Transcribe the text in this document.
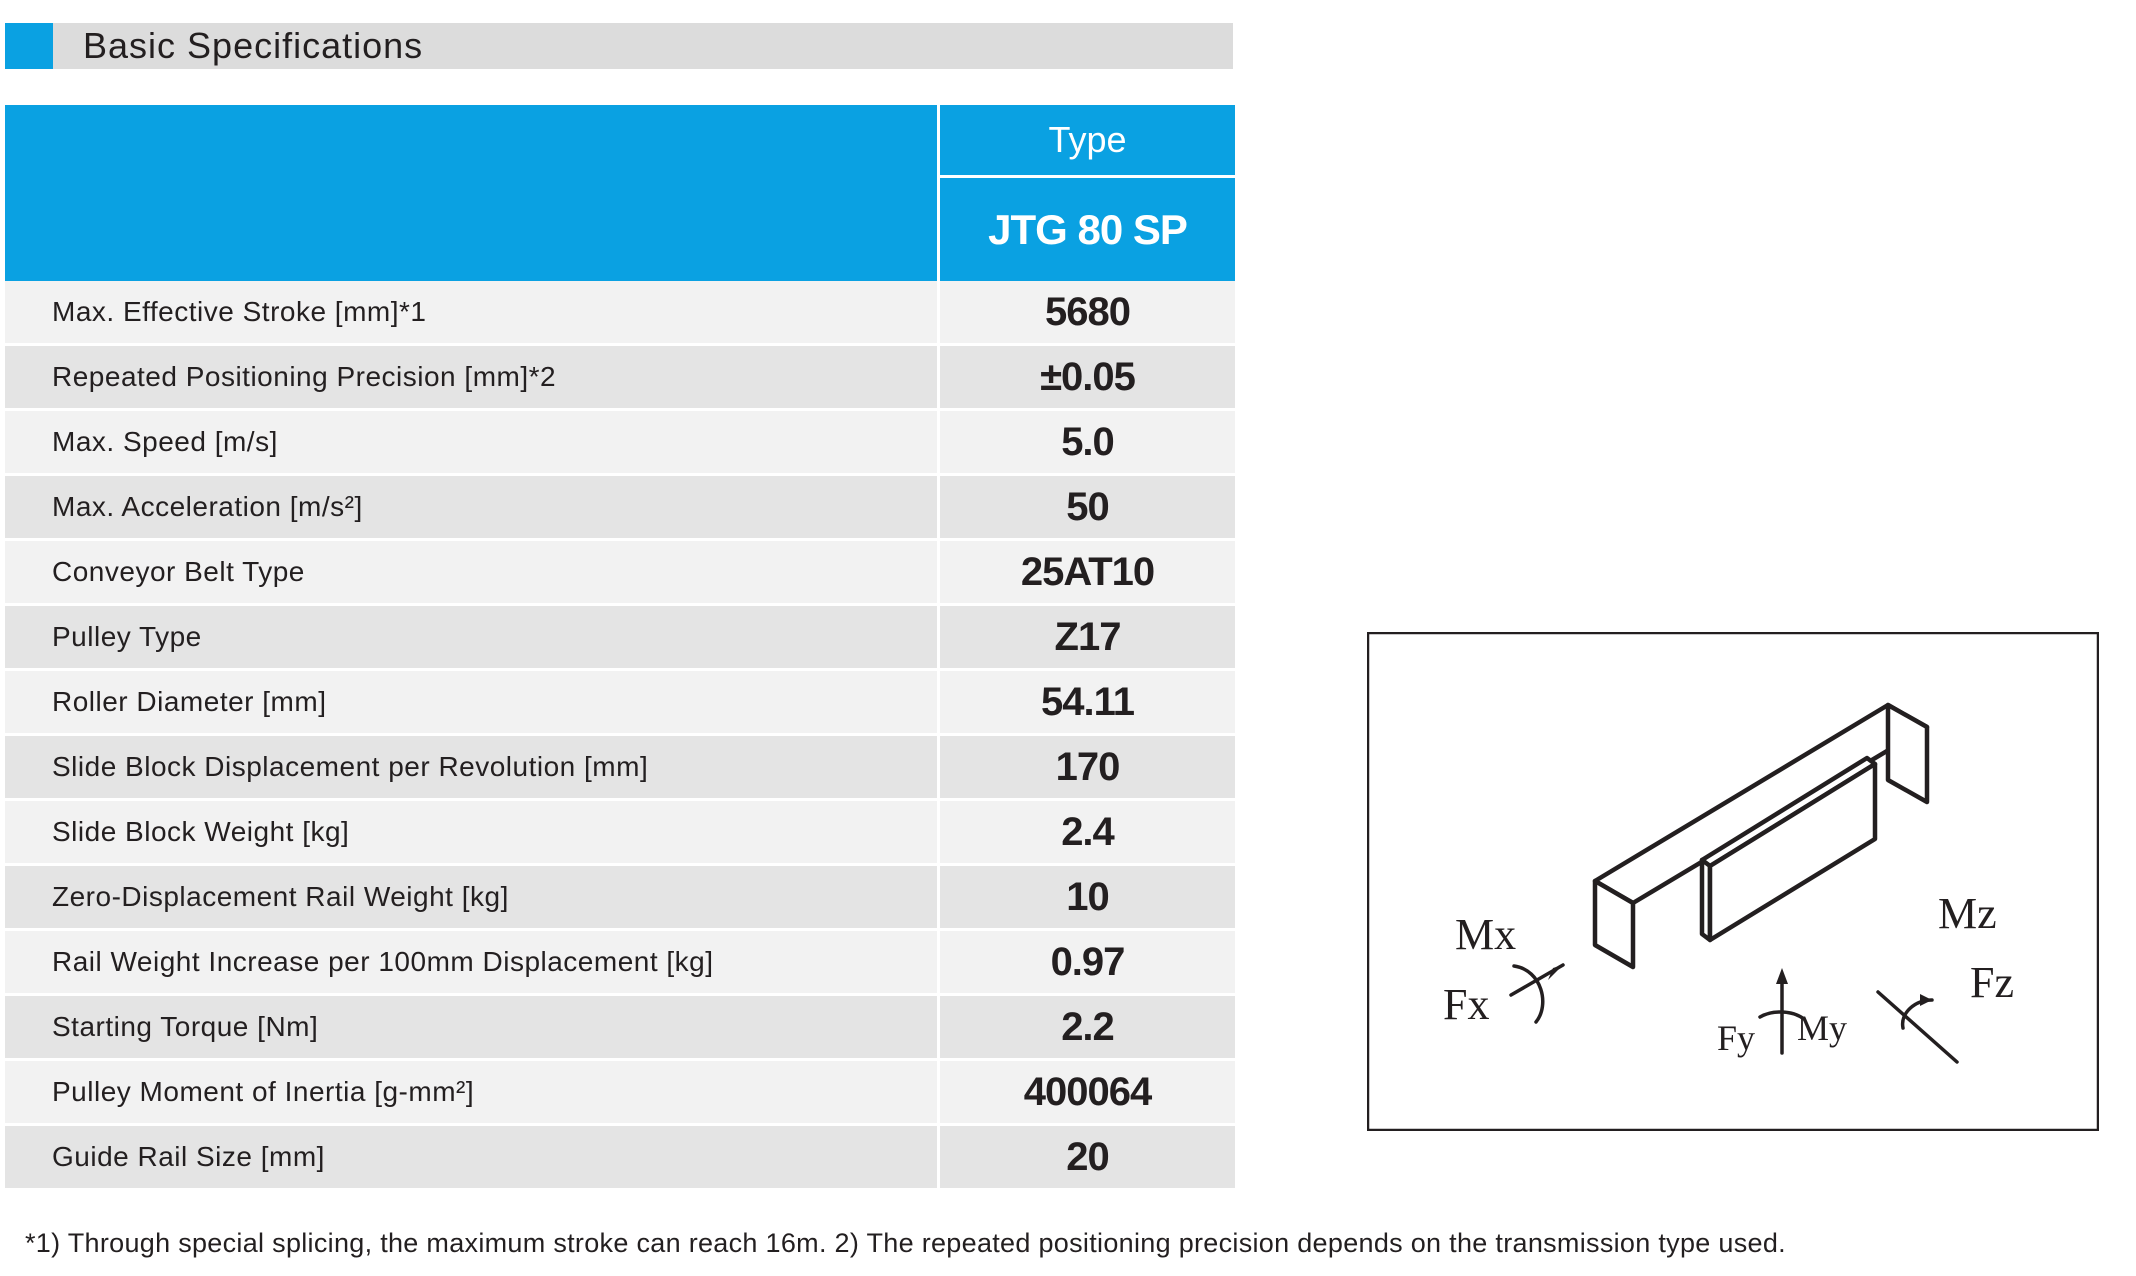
Basic Specifications
	Type
	JTG 80 SP
Max. Effective Stroke [mm]*1	5680
Repeated Positioning Precision [mm]*2	±0.05
Max. Speed [m/s]	5.0
Max. Acceleration [m/s²]	50
Conveyor Belt Type	25AT10
Pulley Type	Z17
Roller Diameter [mm]	54.11
Slide Block Displacement per Revolution [mm]	170
Slide Block Weight [kg]	2.4
Zero-Displacement Rail Weight [kg]	10
Rail Weight Increase per 100mm Displacement [kg]	0.97
Starting Torque [Nm]	2.2
Pulley Moment of Inertia [g-mm²]	400064
Guide Rail Size [mm]	20
*1) Through special splicing, the maximum stroke can reach 16m. 2) The repeated positioning precision depends on the transmission type used.
Mx
Fx
Fy My
Mz
Fz
